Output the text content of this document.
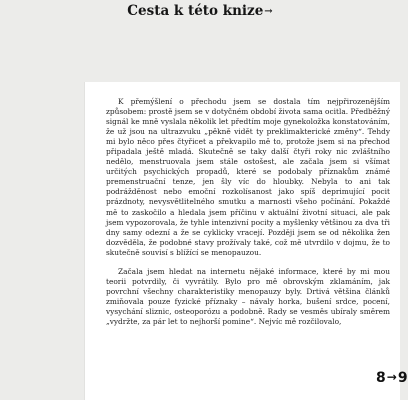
Cesta k této knize→

K přemýšlení o přechodu jsem se dostala tím nejpřirozenějším způsobem: prostě jsem se v dotyčném období života sama ocitla. Předběžný signál ke mně vyslala několik let předtím moje gynekoložka konstatováním, že už jsou na ultrazvuku „pěkně vidět ty preklimakterické změny“. Tehdy mi bylo něco přes čtyřicet a překvapilo mě to, protože jsem si na přechod připadala ještě mladá. Skutečně se taky další čtyři roky nic zvláštního nedělo, menstruovala jsem stále ostošest, ale začala jsem si všímat určitých psychických propadů, které se podobaly příznakům známé premenstruační tenze, jen šly víc do hloubky. Nebyla to ani tak podrážděnost nebo emoční rozkolísanost jako spíš deprimující pocit prázdnoty, nevysvětlitelného smutku a marnosti všeho počínání. Pokaždé mě to zaskočilo a hledala jsem příčinu v aktuální životní situaci, ale pak jsem vypozorovala, že tyhle intenzivní pocity a myšlenky většinou za dva tři dny samy odezní a že se cyklicky vracejí. Později jsem se od několika žen dozvěděla, že podobné stavy prožívaly také, což mě utvrdilo v dojmu, že to skutečně souvisí s blížící se menopauzou.

Začala jsem hledat na internetu nějaké informace, které by mi mou teorii potvrdily, či vyvrátily. Bylo pro mě obrovským zklamáním, jak povrchní všechny charakteristiky menopauzy byly. Drtivá většina článků zmiňovala pouze fyzické příznaky – návaly horka, bušení srdce, pocení, vysychání sliznic, osteoporózu a podobně. Rady se vesměs ubíraly směrem „vydržte, za pár let to nejhorší pomine“. Nejvíc mě rozčilovalo,

8→9
